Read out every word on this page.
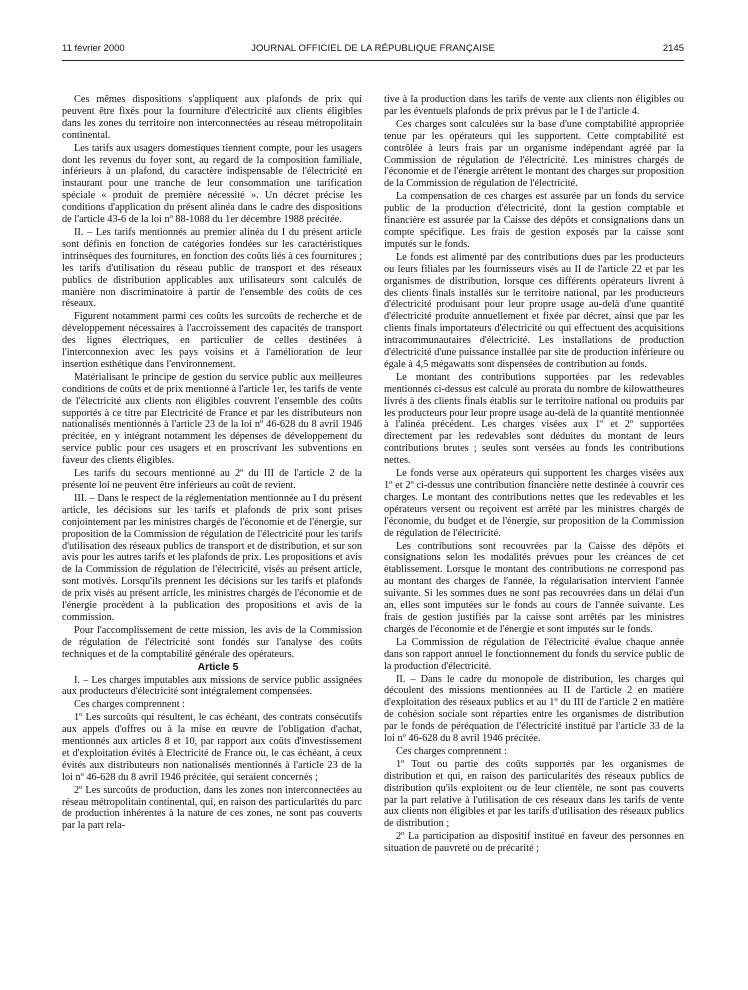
11 février 2000	JOURNAL OFFICIEL DE LA RÉPUBLIQUE FRANÇAISE	2145

Ces mêmes dispositions s'appliquent aux plafonds de prix qui peuvent être fixés pour la fourniture d'électricité aux clients éligibles dans les zones du territoire non interconnectées au réseau métropolitain continental.

Les tarifs aux usagers domestiques tiennent compte, pour les usagers dont les revenus du foyer sont, au regard de la composition familiale, inférieurs à un plafond, du caractère indispensable de l'électricité en instaurant pour une tranche de leur consommation une tarification spéciale « produit de première nécessité ». Un décret précise les conditions d'application du présent alinéa dans le cadre des dispositions de l'article 43-6 de la loi nº 88-1088 du 1er décembre 1988 précitée.

II. – Les tarifs mentionnés au premier alinéa du I du présent article sont définis en fonction de catégories fondées sur les caractéristiques intrinsèques des fournitures, en fonction des coûts liés à ces fournitures ; les tarifs d'utilisation du réseau public de transport et des réseaux publics de distribution applicables aux utilisateurs sont calculés de manière non discriminatoire à partir de l'ensemble des coûts de ces réseaux.

Figurent notamment parmi ces coûts les surcoûts de recherche et de développement nécessaires à l'accroissement des capacités de transport des lignes électriques, en particulier de celles destinées à l'interconnexion avec les pays voisins et à l'amélioration de leur insertion esthétique dans l'environnement.

Matérialisant le principe de gestion du service public aux meilleures conditions de coûts et de prix mentionné à l'article 1er, les tarifs de vente de l'électricité aux clients non éligibles couvrent l'ensemble des coûts supportés à ce titre par Electricité de France et par les distributeurs non nationalisés mentionnés à l'article 23 de la loi nº 46-628 du 8 avril 1946 précitée, en y intégrant notamment les dépenses de développement du service public pour ces usagers et en proscrivant les subventions en faveur des clients éligibles.

Les tarifs du secours mentionné au 2º du III de l'article 2 de la présente loi ne peuvent être inférieurs au coût de revient.

III. – Dans le respect de la réglementation mentionnée au I du présent article, les décisions sur les tarifs et plafonds de prix sont prises conjointement par les ministres chargés de l'économie et de l'énergie, sur proposition de la Commission de régulation de l'électricité pour les tarifs d'utilisation des réseaux publics de transport et de distribution, et sur son avis pour les autres tarifs et les plafonds de prix. Les propositions et avis de la Commission de régulation de l'électricité, visés au présent article, sont motivés. Lorsqu'ils prennent les décisions sur les tarifs et plafonds de prix visés au présent article, les ministres chargés de l'économie et de l'énergie procèdent à la publication des propositions et avis de la commission.

Pour l'accomplissement de cette mission, les avis de la Commission de régulation de l'électricité sont fondés sur l'analyse des coûts techniques et de la comptabilité générale des opérateurs.

Article 5

I. – Les charges imputables aux missions de service public assignées aux producteurs d'électricité sont intégralement compensées.

Ces charges comprennent :

1º Les surcoûts qui résultent, le cas échéant, des contrats consécutifs aux appels d'offres ou à la mise en œuvre de l'obligation d'achat, mentionnés aux articles 8 et 10, par rapport aux coûts d'investissement et d'exploitation évités à Electricité de France ou, le cas échéant, à ceux évités aux distributeurs non nationalisés mentionnés à l'article 23 de la loi nº 46-628 du 8 avril 1946 précitée, qui seraient concernés ;

2º Les surcoûts de production, dans les zones non interconnectées au réseau métropolitain continental, qui, en raison des particularités du parc de production inhérentes à la nature de ces zones, ne sont pas couverts par la part rela-

tive à la production dans les tarifs de vente aux clients non éligibles ou par les éventuels plafonds de prix prévus par le I de l'article 4.

Ces charges sont calculées sur la base d'une comptabilité appropriée tenue par les opérateurs qui les supportent. Cette comptabilité est contrôlée à leurs frais par un organisme indépendant agréé par la Commission de régulation de l'électricité. Les ministres chargés de l'économie et de l'énergie arrêtent le montant des charges sur proposition de la Commission de régulation de l'électricité.

La compensation de ces charges est assurée par un fonds du service public de la production d'électricité, dont la gestion comptable et financière est assurée par la Caisse des dépôts et consignations dans un compte spécifique. Les frais de gestion exposés par la caisse sont imputés sur le fonds.

Le fonds est alimenté par des contributions dues par les producteurs ou leurs filiales par les fournisseurs visés au II de l'article 22 et par les organismes de distribution, lorsque ces différents opérateurs livrent à des clients finals installés sur le territoire national, par les producteurs d'électricité produisant pour leur propre usage au-delà d'une quantité d'électricité produite annuellement et fixée par décret, ainsi que par les clients finals importateurs d'électricité ou qui effectuent des acquisitions intracommunautaires d'électricité. Les installations de production d'électricité d'une puissance installée par site de production inférieure ou égale à 4,5 mégawatts sont dispensées de contribution au fonds.

Le montant des contributions supportées par les redevables mentionnés ci-dessus est calculé au prorata du nombre de kilowattheures livrés à des clients finals établis sur le territoire national ou produits par les producteurs pour leur propre usage au-delà de la quantité mentionnée à l'alinéa précédent. Les charges visées aux 1º et 2º supportées directement par les redevables sont déduites du montant de leurs contributions brutes ; seules sont versées au fonds les contributions nettes.

Le fonds verse aux opérateurs qui supportent les charges visées aux 1º et 2º ci-dessus une contribution financière nette destinée à couvrir ces charges. Le montant des contributions nettes que les redevables et les opérateurs versent ou reçoivent est arrêté par les ministres chargés de l'économie, du budget et de l'énergie, sur proposition de la Commission de régulation de l'électricité.

Les contributions sont recouvrées par la Caisse des dépôts et consignations selon les modalités prévues pour les créances de cet établissement. Lorsque le montant des contributions ne correspond pas au montant des charges de l'année, la régularisation intervient l'année suivante. Si les sommes dues ne sont pas recouvrées dans un délai d'un an, elles sont imputées sur le fonds au cours de l'année suivante. Les frais de gestion justifiés par la caisse sont arrêtés par les ministres chargés de l'économie et de l'énergie et sont imputés sur le fonds.

La Commission de régulation de l'électricité évalue chaque année dans son rapport annuel le fonctionnement du fonds du service public de la production d'électricité.

II. – Dans le cadre du monopole de distribution, les charges qui découlent des missions mentionnées au II de l'article 2 en matière d'exploitation des réseaux publics et au 1º du III de l'article 2 en matière de cohésion sociale sont réparties entre les organismes de distribution par le fonds de péréquation de l'électricité institué par l'article 33 de la loi nº 46-628 du 8 avril 1946 précitée.

Ces charges comprennent :

1º Tout ou partie des coûts supportés par les organismes de distribution et qui, en raison des particularités des réseaux publics de distribution qu'ils exploitent ou de leur clientèle, ne sont pas couverts par la part relative à l'utilisation de ces réseaux dans les tarifs de vente aux clients non éligibles et par les tarifs d'utilisation des réseaux publics de distribution ;

2º La participation au dispositif institué en faveur des personnes en situation de pauvreté ou de précarité ;
